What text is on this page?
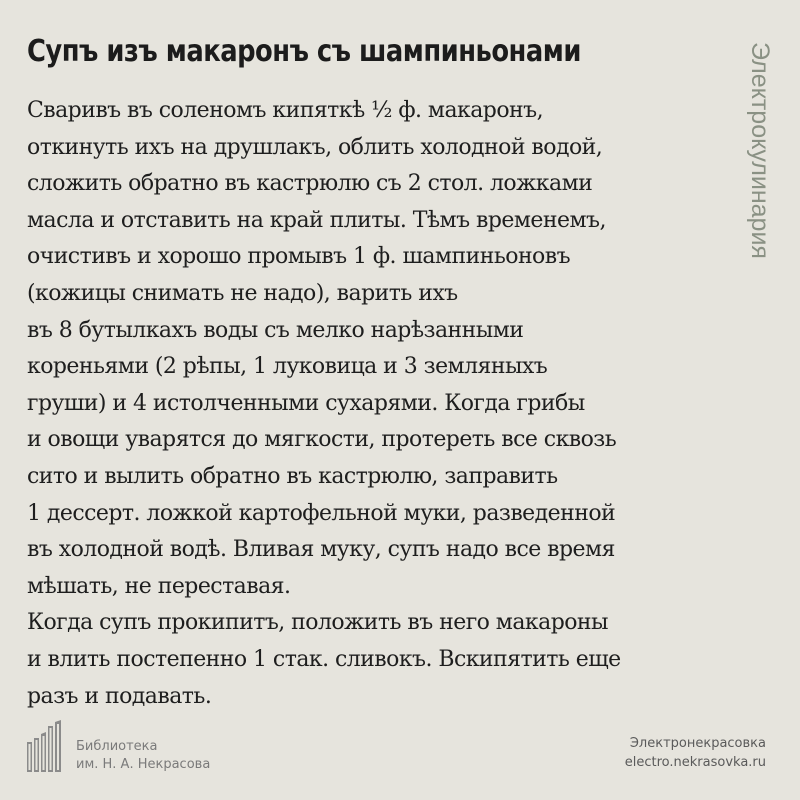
Супъ изъ макаронъ съ шампиньонами	Электрокулинария
Сваривъ въ соленомъ кипяткѣ ½ ф. макаронъ,
откинуть ихъ на друшлакъ, облить холодной водой,
сложить обратно въ кастрюлю съ 2 стол. ложками
масла и отставить на край плиты. Тѣмъ временемъ,
очистивъ и хорошо промывъ 1 ф. шампиньоновъ
(кожицы снимать не надо), варить ихъ
въ 8 бутылкахъ воды съ мелко нарѣзанными
кореньями (2 рѣпы, 1 луковица и 3 земляныхъ
груши) и 4 истолченными сухарями. Когда грибы
и овощи уварятся до мягкости, протереть все сквозь
сито и вылить обратно въ кастрюлю, заправить
1 дессерт. ложкой картофельной муки, разведенной
въ холодной водѣ. Вливая муку, супъ надо все время
мѣшать, не переставая.
Когда супъ прокипитъ, положить въ него макароны
и влить постепенно 1 стак. сливокъ. Вскипятить еще
разъ и подавать.
Библиотека
им. Н. А. Некрасова
Электронекрасовка
electro.nekrasovka.ru
